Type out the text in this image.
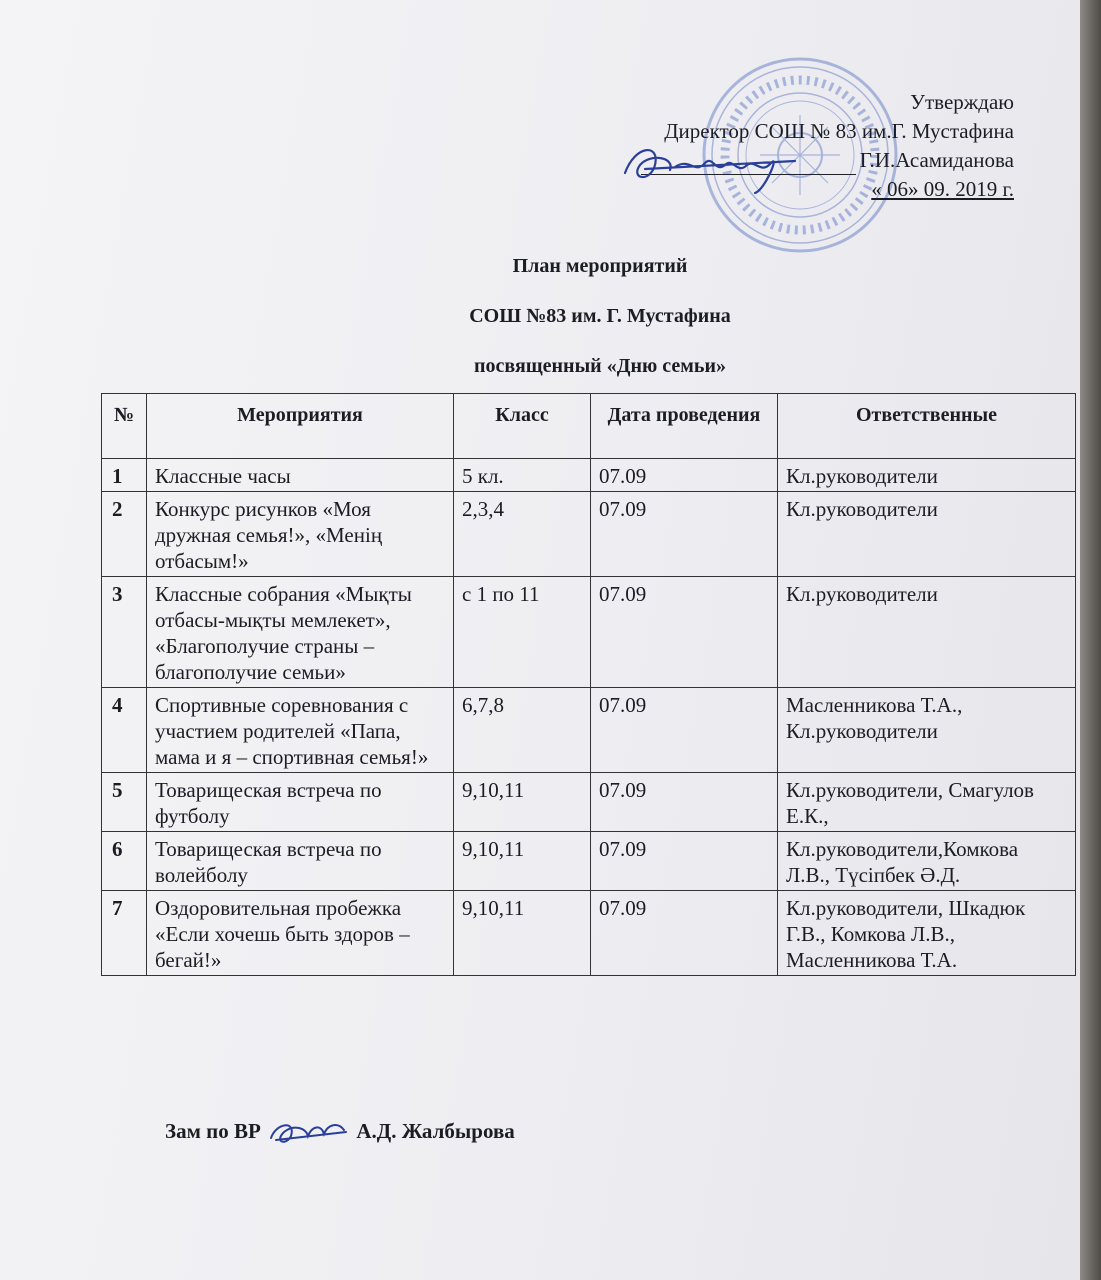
Утверждаю
Директор СОШ № 83 им.Г. Мустафина
Г.И.Асамиданова
« 06» 09. 2019 г.
План мероприятий
СОШ №83 им. Г. Мустафина
посвященный «Дню семьи»
№	Мероприятия	Класс	Дата проведения	Ответственные
1	Классные часы	5 кл.	07.09	Кл.руководители
2	Конкурс рисунков «Моя дружная семья!», «Менің отбасым!»	2,3,4	07.09	Кл.руководители
3	Классные собрания «Мықты отбасы-мықты мемлекет», «Благополучие страны – благополучие семьи»	с 1 по 11	07.09	Кл.руководители
4	Спортивные соревнования с участием родителей «Папа, мама и я – спортивная семья!»	6,7,8	07.09	Масленникова Т.А., Кл.руководители
5	Товарищеская встреча по футболу	9,10,11	07.09	Кл.руководители, Смагулов Е.К.,
6	Товарищеская встреча по волейболу	9,10,11	07.09	Кл.руководители,Комкова Л.В., Түсіпбек Ә.Д.
7	Оздоровительная пробежка «Если хочешь быть здоров – бегай!»	9,10,11	07.09	Кл.руководители, Шкадюк Г.В., Комкова Л.В., Масленникова Т.А.
Зам по ВР	А.Д. Жалбырова
